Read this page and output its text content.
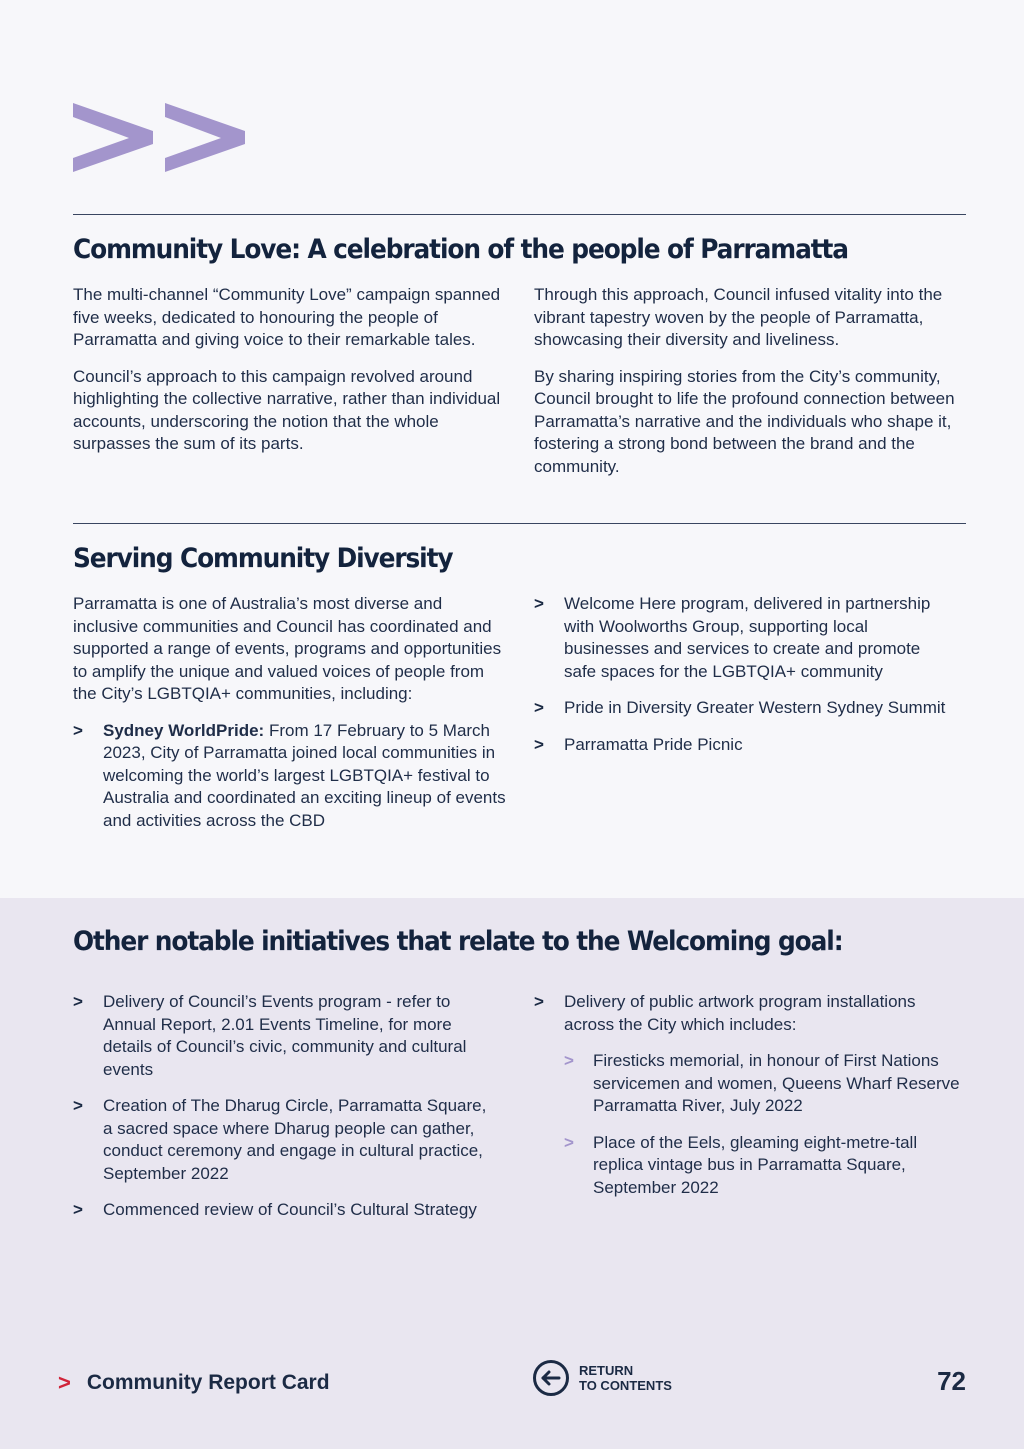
Community Love: A celebration of the people of Parramatta

The multi-channel “Community Love” campaign spanned five weeks, dedicated to honouring the people of Parramatta and giving voice to their remarkable tales.

Council’s approach to this campaign revolved around highlighting the collective narrative, rather than individual accounts, underscoring the notion that the whole surpasses the sum of its parts.

Through this approach, Council infused vitality into the vibrant tapestry woven by the people of Parramatta, showcasing their diversity and liveliness.

By sharing inspiring stories from the City’s community, Council brought to life the profound connection between Parramatta’s narrative and the individuals who shape it, fostering a strong bond between the brand and the community.

Serving Community Diversity

Parramatta is one of Australia’s most diverse and inclusive communities and Council has coordinated and supported a range of events, programs and opportunities to amplify the unique and valued voices of people from the City’s LGBTQIA+ communities, including:

> Sydney WorldPride: From 17 February to 5 March 2023, City of Parramatta joined local communities in welcoming the world’s largest LGBTQIA+ festival to Australia and coordinated an exciting lineup of events and activities across the CBD
> Welcome Here program, delivered in partnership with Woolworths Group, supporting local businesses and services to create and promote safe spaces for the LGBTQIA+ community
> Pride in Diversity Greater Western Sydney Summit
> Parramatta Pride Picnic
Other notable initiatives that relate to the Welcoming goal:
> Delivery of Council’s Events program - refer to Annual Report, 2.01 Events Timeline, for more details of Council’s civic, community and cultural events
> Creation of The Dharug Circle, Parramatta Square, a sacred space where Dharug people can gather, conduct ceremony and engage in cultural practice, September 2022
> Commenced review of Council’s Cultural Strategy
> Delivery of public artwork program installations across the City which includes:
> Firesticks memorial, in honour of First Nations servicemen and women, Queens Wharf Reserve Parramatta River, July 2022
> Place of the Eels, gleaming eight-metre-tall replica vintage bus in Parramatta Square, September 2022
> Community Report Card
RETURN
TO CONTENTS	72
